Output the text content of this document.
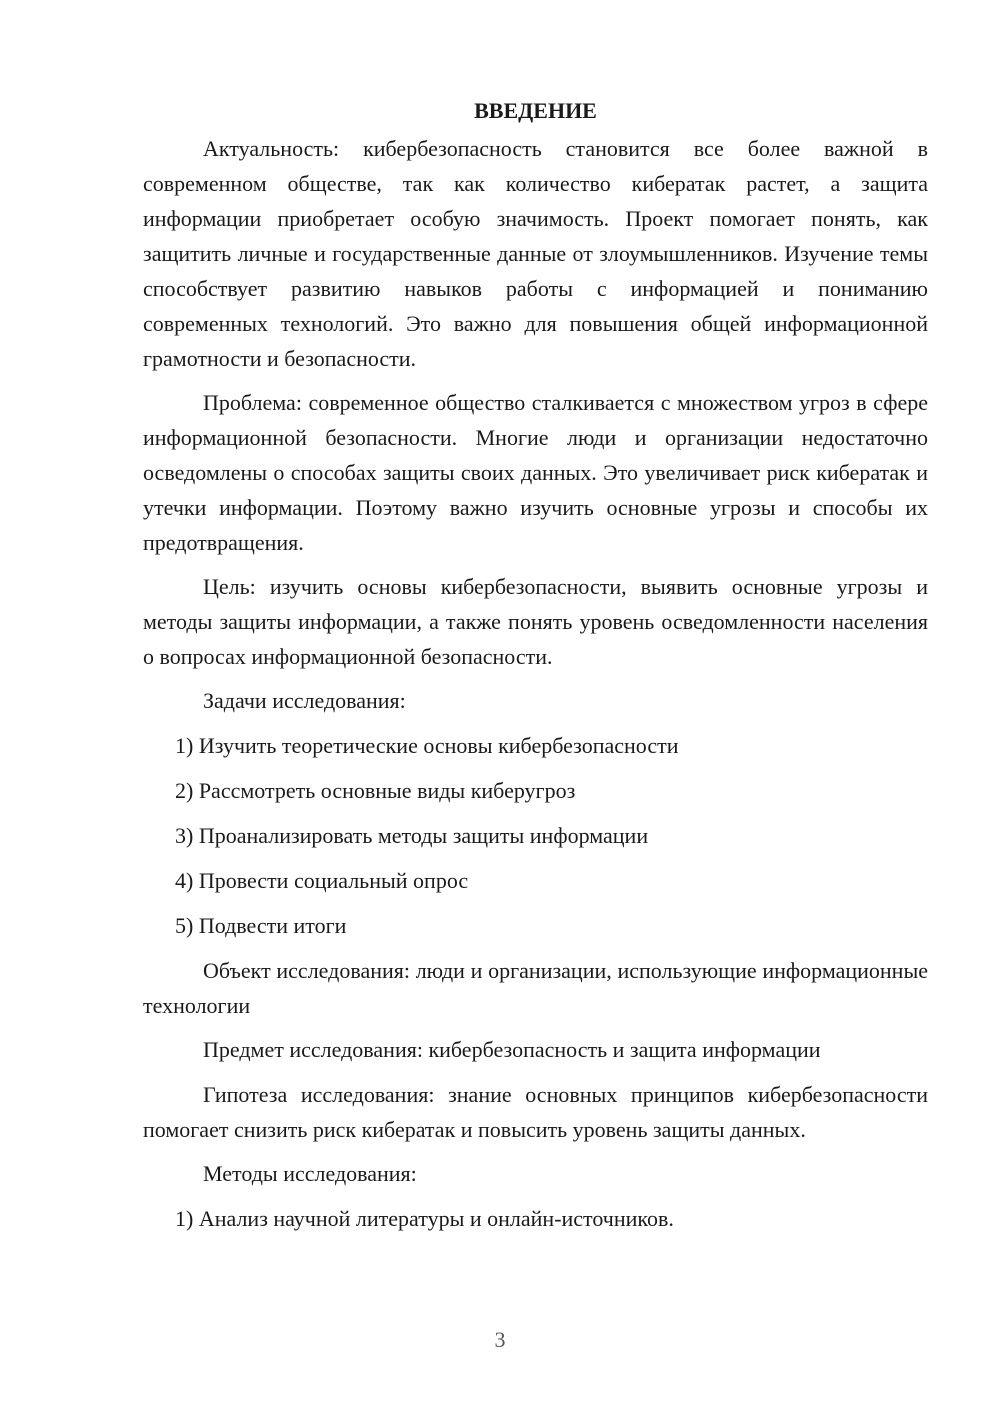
ВВЕДЕНИЕ

Актуальность: кибербезопасность становится все более важной в современном обществе, так как количество кибератак растет, а защита информации приобретает особую значимость. Проект помогает понять, как защитить личные и государственные данные от злоумышленников. Изучение темы способствует развитию навыков работы с информацией и пониманию современных технологий. Это важно для повышения общей информационной грамотности и безопасности.

Проблема: современное общество сталкивается с множеством угроз в сфере информационной безопасности. Многие люди и организации недостаточно осведомлены о способах защиты своих данных. Это увеличивает риск кибератак и утечки информации. Поэтому важно изучить основные угрозы и способы их предотвращения.

Цель: изучить основы кибербезопасности, выявить основные угрозы и методы защиты информации, а также понять уровень осведомленности населения о вопросах информационной безопасности.

Задачи исследования:
1) Изучить теоретические основы кибербезопасности
2) Рассмотреть основные виды киберугроз
3) Проанализировать методы защиты информации
4) Провести социальный опрос
5) Подвести итоги

Объект исследования: люди и организации, использующие информационные технологии

Предмет исследования: кибербезопасность и защита информации

Гипотеза исследования: знание основных принципов кибербезопасности помогает снизить риск кибератак и повысить уровень защиты данных.

Методы исследования:
1) Анализ научной литературы и онлайн-источников.
3
